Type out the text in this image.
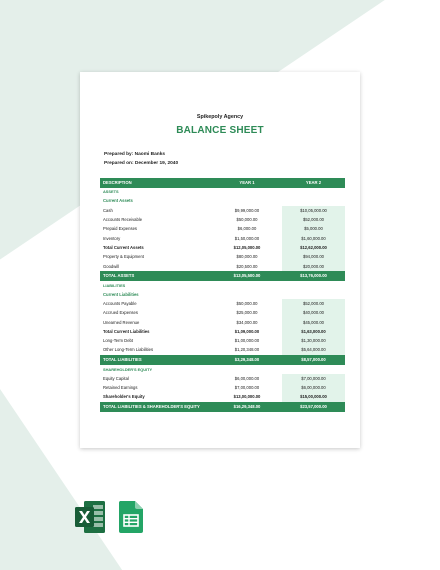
Spikepoly Agency
BALANCE SHEET
Prepared by: Naomi Banks
Prepared on: December 19, 2040
DESCRIPTION	YEAR 1	YEAR 2
ASSETS		
Current Assets		
Cash	$9,99,000.00	$10,05,000.00
Accounts Receivable	$50,000.00	$52,000.00
Prepaid Expenses	$6,000.00	$5,000.00
Inventory	$1,50,000.00	$1,60,000.00
Total Current Assets	$12,05,000.00	$12,62,000.00
Property & Equipment	$80,000.00	$94,000.00
Goodwill	$20,500.00	$20,000.00
TOTAL ASSETS	$13,05,500.00	$13,76,000.00
LIABILITIES		
Current Liabilities		
Accounts Payable	$50,000.00	$52,000.00
Accrued Expenses	$25,000.00	$40,000.00
Unearned Revenue	$34,000.00	$45,000.00
Total Current Liabilities	$1,09,000.00	$1,63,000.00
Long-Term Debt	$1,00,000.00	$1,30,000.00
Other Long-Term Liabilities	$1,20,348.00	$5,64,000.00
TOTAL LIABILITIES	$3,29,348.00	$8,57,000.00
SHAREHOLDER'S EQUITY		
Equity Capital	$6,00,000.00	$7,00,000.00
Retained Earnings	$7,00,000.00	$6,00,000.00
Shareholder's Equity	$13,00,000.00	$15,00,000.00
TOTAL LIABILITIES & SHAREHOLDER'S EQUITY	$16,29,348.00	$23,57,000.00
